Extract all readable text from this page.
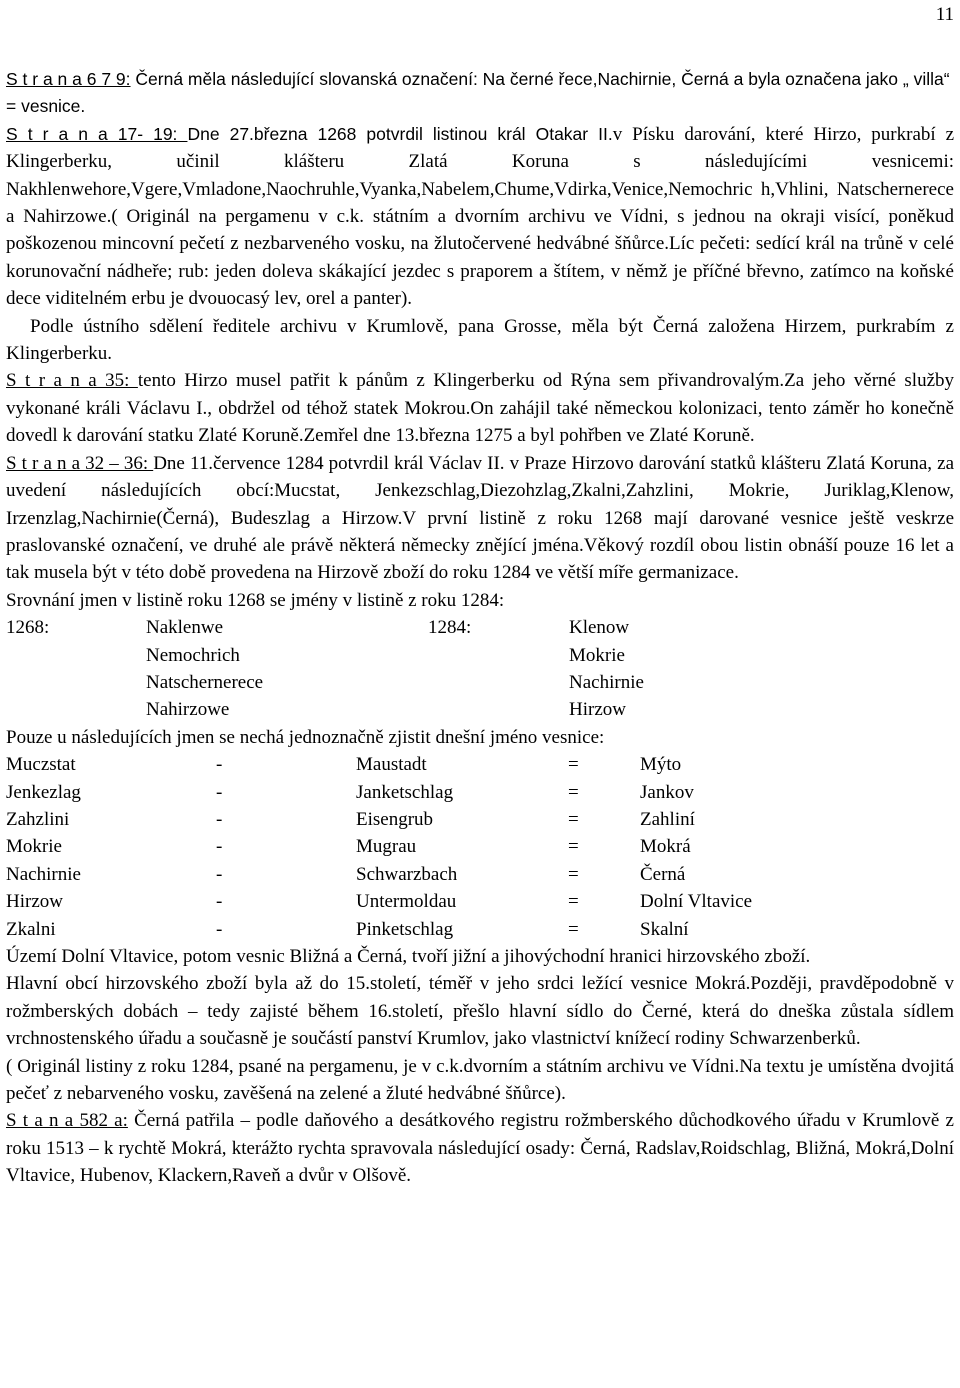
11

S t r a n a 6 7 9: Černá měla následující slovanská označení: Na černé řece,Nachirnie, Černá a byla označena jako „ villa“ = vesnice.

S t r a n a 17- 19: Dne 27.března 1268 potvrdil listinou král Otakar II.v Písku darování, které Hirzo, purkrabí z Klingerberku, učinil klášteru Zlatá Koruna s následujícími vesnicemi: Nakhlenwehore,Vgere,Vmladone,Naochruhle,Vyanka,Nabelem,Chume,Vdirka,Venice,Nemochric h,Vhlini, Natschernerece a Nahirzowe.( Originál na pergamenu v c.k. státním a dvorním archivu ve Vídni, s jednou na okraji visící, poněkud poškozenou mincovní pečetí z nezbarveného vosku, na žlutočervené hedvábné šňůrce.Líc pečeti: sedící král na trůně v celé korunovační nádheře; rub: jeden doleva skákající jezdec s praporem a štítem, v němž je příčné břevno, zatímco na koňské dece viditelném erbu je dvouocasý lev, orel a panter).

Podle ústního sdělení ředitele archivu v Krumlově, pana Grosse, měla být Černá založena Hirzem, purkrabím z Klingerberku.

S t r a n a 35: tento Hirzo musel patřit k pánům z Klingerberku od Rýna sem přivandrovalým.Za jeho věrné služby vykonané králi Václavu I., obdržel od téhož statek Mokrou.On zahájil také německou kolonizaci, tento záměr ho konečně dovedl k darování statku Zlaté Koruně.Zemřel dne 13.března 1275 a byl pohřben ve Zlaté Koruně.

S t r a n a 32 – 36: Dne 11.července 1284 potvrdil král Václav II. v Praze Hirzovo darování statků klášteru Zlatá Koruna, za uvedení následujících obcí:Mucstat, Jenkezschlag,Diezohzlag,Zkalni,Zahzlini, Mokrie, Juriklag,Klenow, Irzenzlag,Nachirnie(Černá), Budeszlag a Hirzow.V první listině z roku 1268 mají darované vesnice ještě veskrze praslovanské označení, ve druhé ale právě některá německy znějící jména.Věkový rozdíl obou listin obnáší pouze 16 let a tak musela být v této době provedena na Hirzově zboží do roku 1284 ve větší míře germanizace.

Srovnání jmen v listině roku 1268 se jmény v listině z roku 1284:

1268:	Naklenwe	1284:	Klenow
	Nemochrich		Mokrie
	Natschernerece		Nachirnie
	Nahirzowe		Hirzow

Pouze u následujících jmen se nechá jednoznačně zjistit dnešní jméno vesnice:

Muczstat	-	Maustadt	=	Mýto
Jenkezlag	-	Janketschlag	=	Jankov
Zahzlini	-	Eisengrub	=	Zahliní
Mokrie	-	Mugrau	=	Mokrá
Nachirnie	-	Schwarzbach	=	Černá
Hirzow	-	Untermoldau	=	Dolní Vltavice
Zkalni	-	Pinketschlag	=	Skalní

Území Dolní Vltavice, potom vesnic Bližná a Černá, tvoří jižní a jihovýchodní hranici hirzovského zboží.

Hlavní obcí hirzovského zboží byla až do 15.století, téměř v jeho srdci ležící vesnice Mokrá.Později, pravděpodobně v rožmberských dobách – tedy zajisté během 16.století, přešlo hlavní sídlo do Černé, která do dneška zůstala sídlem vrchnostenského úřadu a současně je součástí panství Krumlov, jako vlastnictví knížecí rodiny Schwarzenberků.

( Originál listiny z roku 1284, psané na pergamenu, je v c.k.dvorním a státním archivu ve Vídni.Na textu je umístěna dvojitá pečeť z nebarveného vosku, zavěšená na zelené a žluté hedvábné šňůrce).

S t a n a 582 a: Černá patřila – podle daňového a desátkového registru rožmberského důchodkového úřadu v Krumlově z roku 1513 – k rychtě Mokrá, kterážto rychta spravovala následující osady: Černá, Radslav,Roidschlag, Bližná, Mokrá,Dolní Vltavice, Hubenov, Klackern,Raveň a dvůr v Olšově.
